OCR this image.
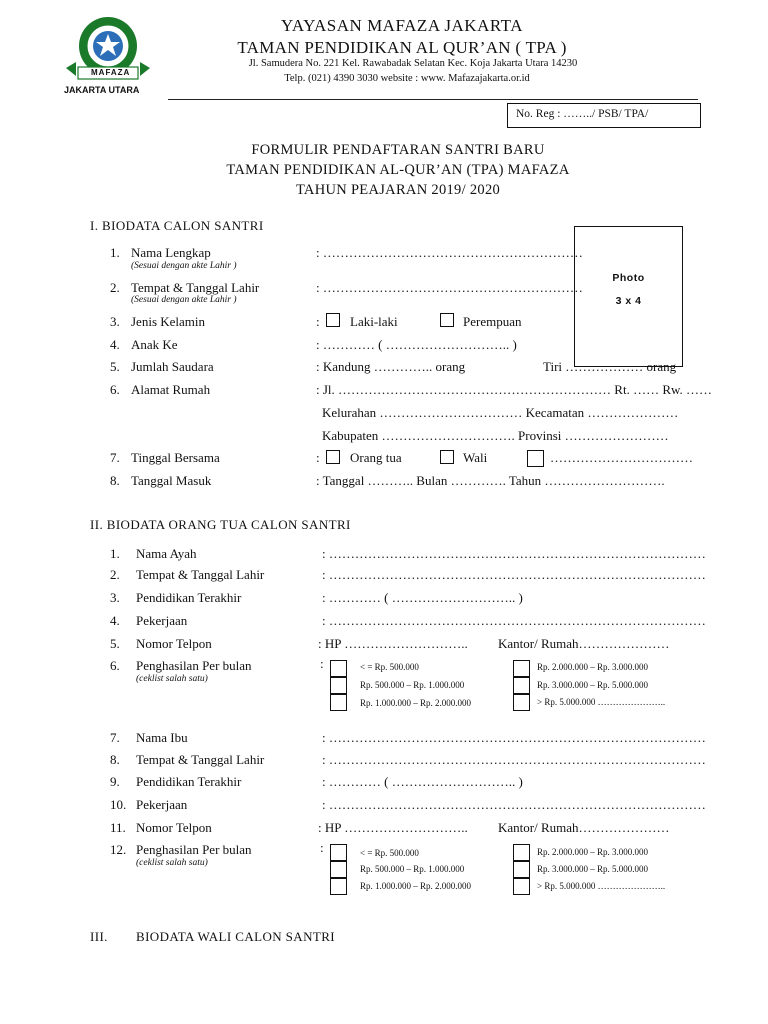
MAFAZA
JAKARTA UTARA
TAMAN PENDIDIKAN AL QUR'AN
YAYASAN MAFAZA JAKARTA
TAMAN PENDIDIKAN AL QUR’AN ( TPA )
Jl. Samudera No. 221 Kel. Rawabadak Selatan Kec. Koja Jakarta Utara 14230
Telp. (021) 4390 3030 website : www. Mafazajakarta.or.id
No. Reg : ……../ PSB/ TPA/
FORMULIR PENDAFTARAN SANTRI BARU
TAMAN PENDIDIKAN AL-QUR’AN (TPA) MAFAZA
TAHUN PEAJARAN 2019/ 2020
Photo
3 x 4
I. BIODATA CALON SANTRI
1. Nama Lengkap
(Sesuai dengan akte Lahir )
: ……………………………………………………
2. Tempat & Tanggal Lahir
(Sesuai dengan akte Lahir )
: ……………………………………………………
3. Jenis Kelamin	: Laki-laki	Perempuan
4. Anak Ke	: ………… ( ……………………….. )
5. Jumlah Saudara	: Kandung ………….. orang	Tiri ……………… orang
6. Alamat Rumah	: Jl. ……………………………………………………… Rt. …… Rw. ……
Kelurahan …………………………… Kecamatan …………………
Kabupaten …………………………. Provinsi ……………………
7. Tinggal Bersama	: Orang tua	Wali	……………………………
8. Tanggal Masuk	: Tanggal ……….. Bulan …………. Tahun ……………………….
II. BIODATA ORANG TUA CALON SANTRI
1. Nama Ayah	: ……………………………………………………………………………
2. Tempat & Tanggal Lahir	: ……………………………………………………………………………
3. Pendidikan Terakhir	: ………… ( ……………………….. )
4. Pekerjaan	: ……………………………………………………………………………
5. Nomor Telpon	: HP ……………………….. Kantor/ Rumah…………………
6. Penghasilan Per bulan
(ceklist salah satu)
:	< = Rp. 500.000
Rp. 500.000 – Rp. 1.000.000
Rp. 1.000.000 – Rp. 2.000.000
Rp. 2.000.000 – Rp. 3.000.000
Rp. 3.000.000 – Rp. 5.000.000
> Rp. 5.000.000 …………………..
7. Nama Ibu	: ……………………………………………………………………………
8. Tempat & Tanggal Lahir	: ……………………………………………………………………………
9. Pendidikan Terakhir	: ………… ( ……………………….. )
10. Pekerjaan	: ……………………………………………………………………………
11. Nomor Telpon	: HP ……………………….. Kantor/ Rumah…………………
12. Penghasilan Per bulan
(ceklist salah satu)
:	< = Rp. 500.000
Rp. 500.000 – Rp. 1.000.000
Rp. 1.000.000 – Rp. 2.000.000
Rp. 2.000.000 – Rp. 3.000.000
Rp. 3.000.000 – Rp. 5.000.000
> Rp. 5.000.000 …………………..
III. BIODATA WALI CALON SANTRI
